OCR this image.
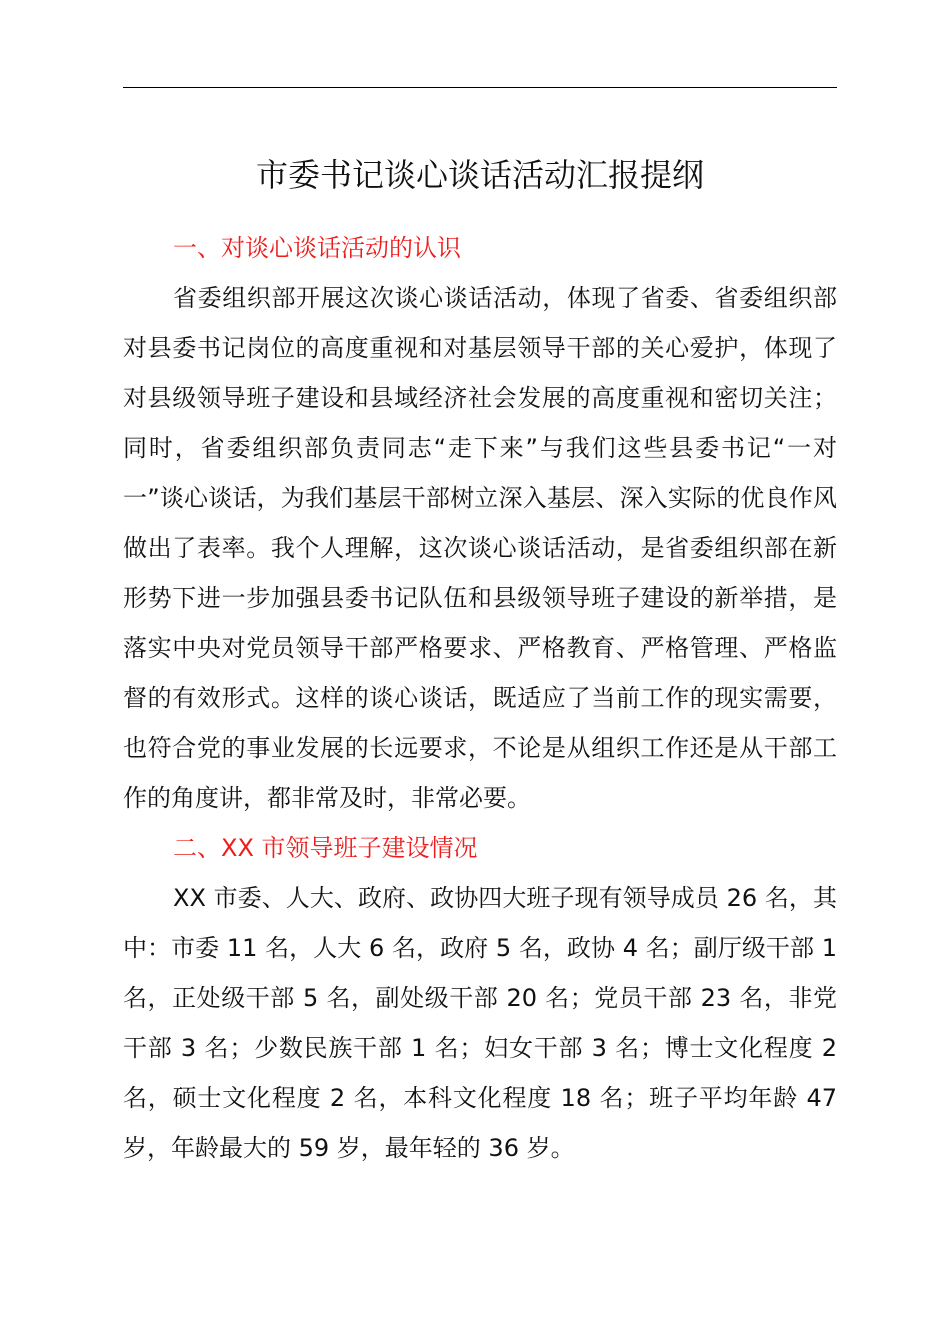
市委书记谈心谈话活动汇报提纲

一、对谈心谈话活动的认识

省委组织部开展这次谈心谈话活动，体现了省委、省委组织部对县委书记岗位的高度重视和对基层领导干部的关心爱护，体现了对县级领导班子建设和县域经济社会发展的高度重视和密切关注；同时，省委组织部负责同志“走下来”与我们这些县委书记“一对一”谈心谈话，为我们基层干部树立深入基层、深入实际的优良作风做出了表率。我个人理解，这次谈心谈话活动，是省委组织部在新形势下进一步加强县委书记队伍和县级领导班子建设的新举措，是落实中央对党员领导干部严格要求、严格教育、严格管理、严格监督的有效形式。这样的谈心谈话，既适应了当前工作的现实需要，也符合党的事业发展的长远要求，不论是从组织工作还是从干部工作的角度讲，都非常及时，非常必要。

二、XX 市领导班子建设情况

XX 市委、人大、政府、政协四大班子现有领导成员 26 名，其中：市委 11 名，人大 6 名，政府 5 名，政协 4 名；副厅级干部 1 名，正处级干部 5 名，副处级干部 20 名；党员干部 23 名，非党干部 3 名；少数民族干部 1 名；妇女干部 3 名；博士文化程度 2 名，硕士文化程度 2 名，本科文化程度 18 名；班子平均年龄 47 岁，年龄最大的 59 岁，最年轻的 36 岁。
